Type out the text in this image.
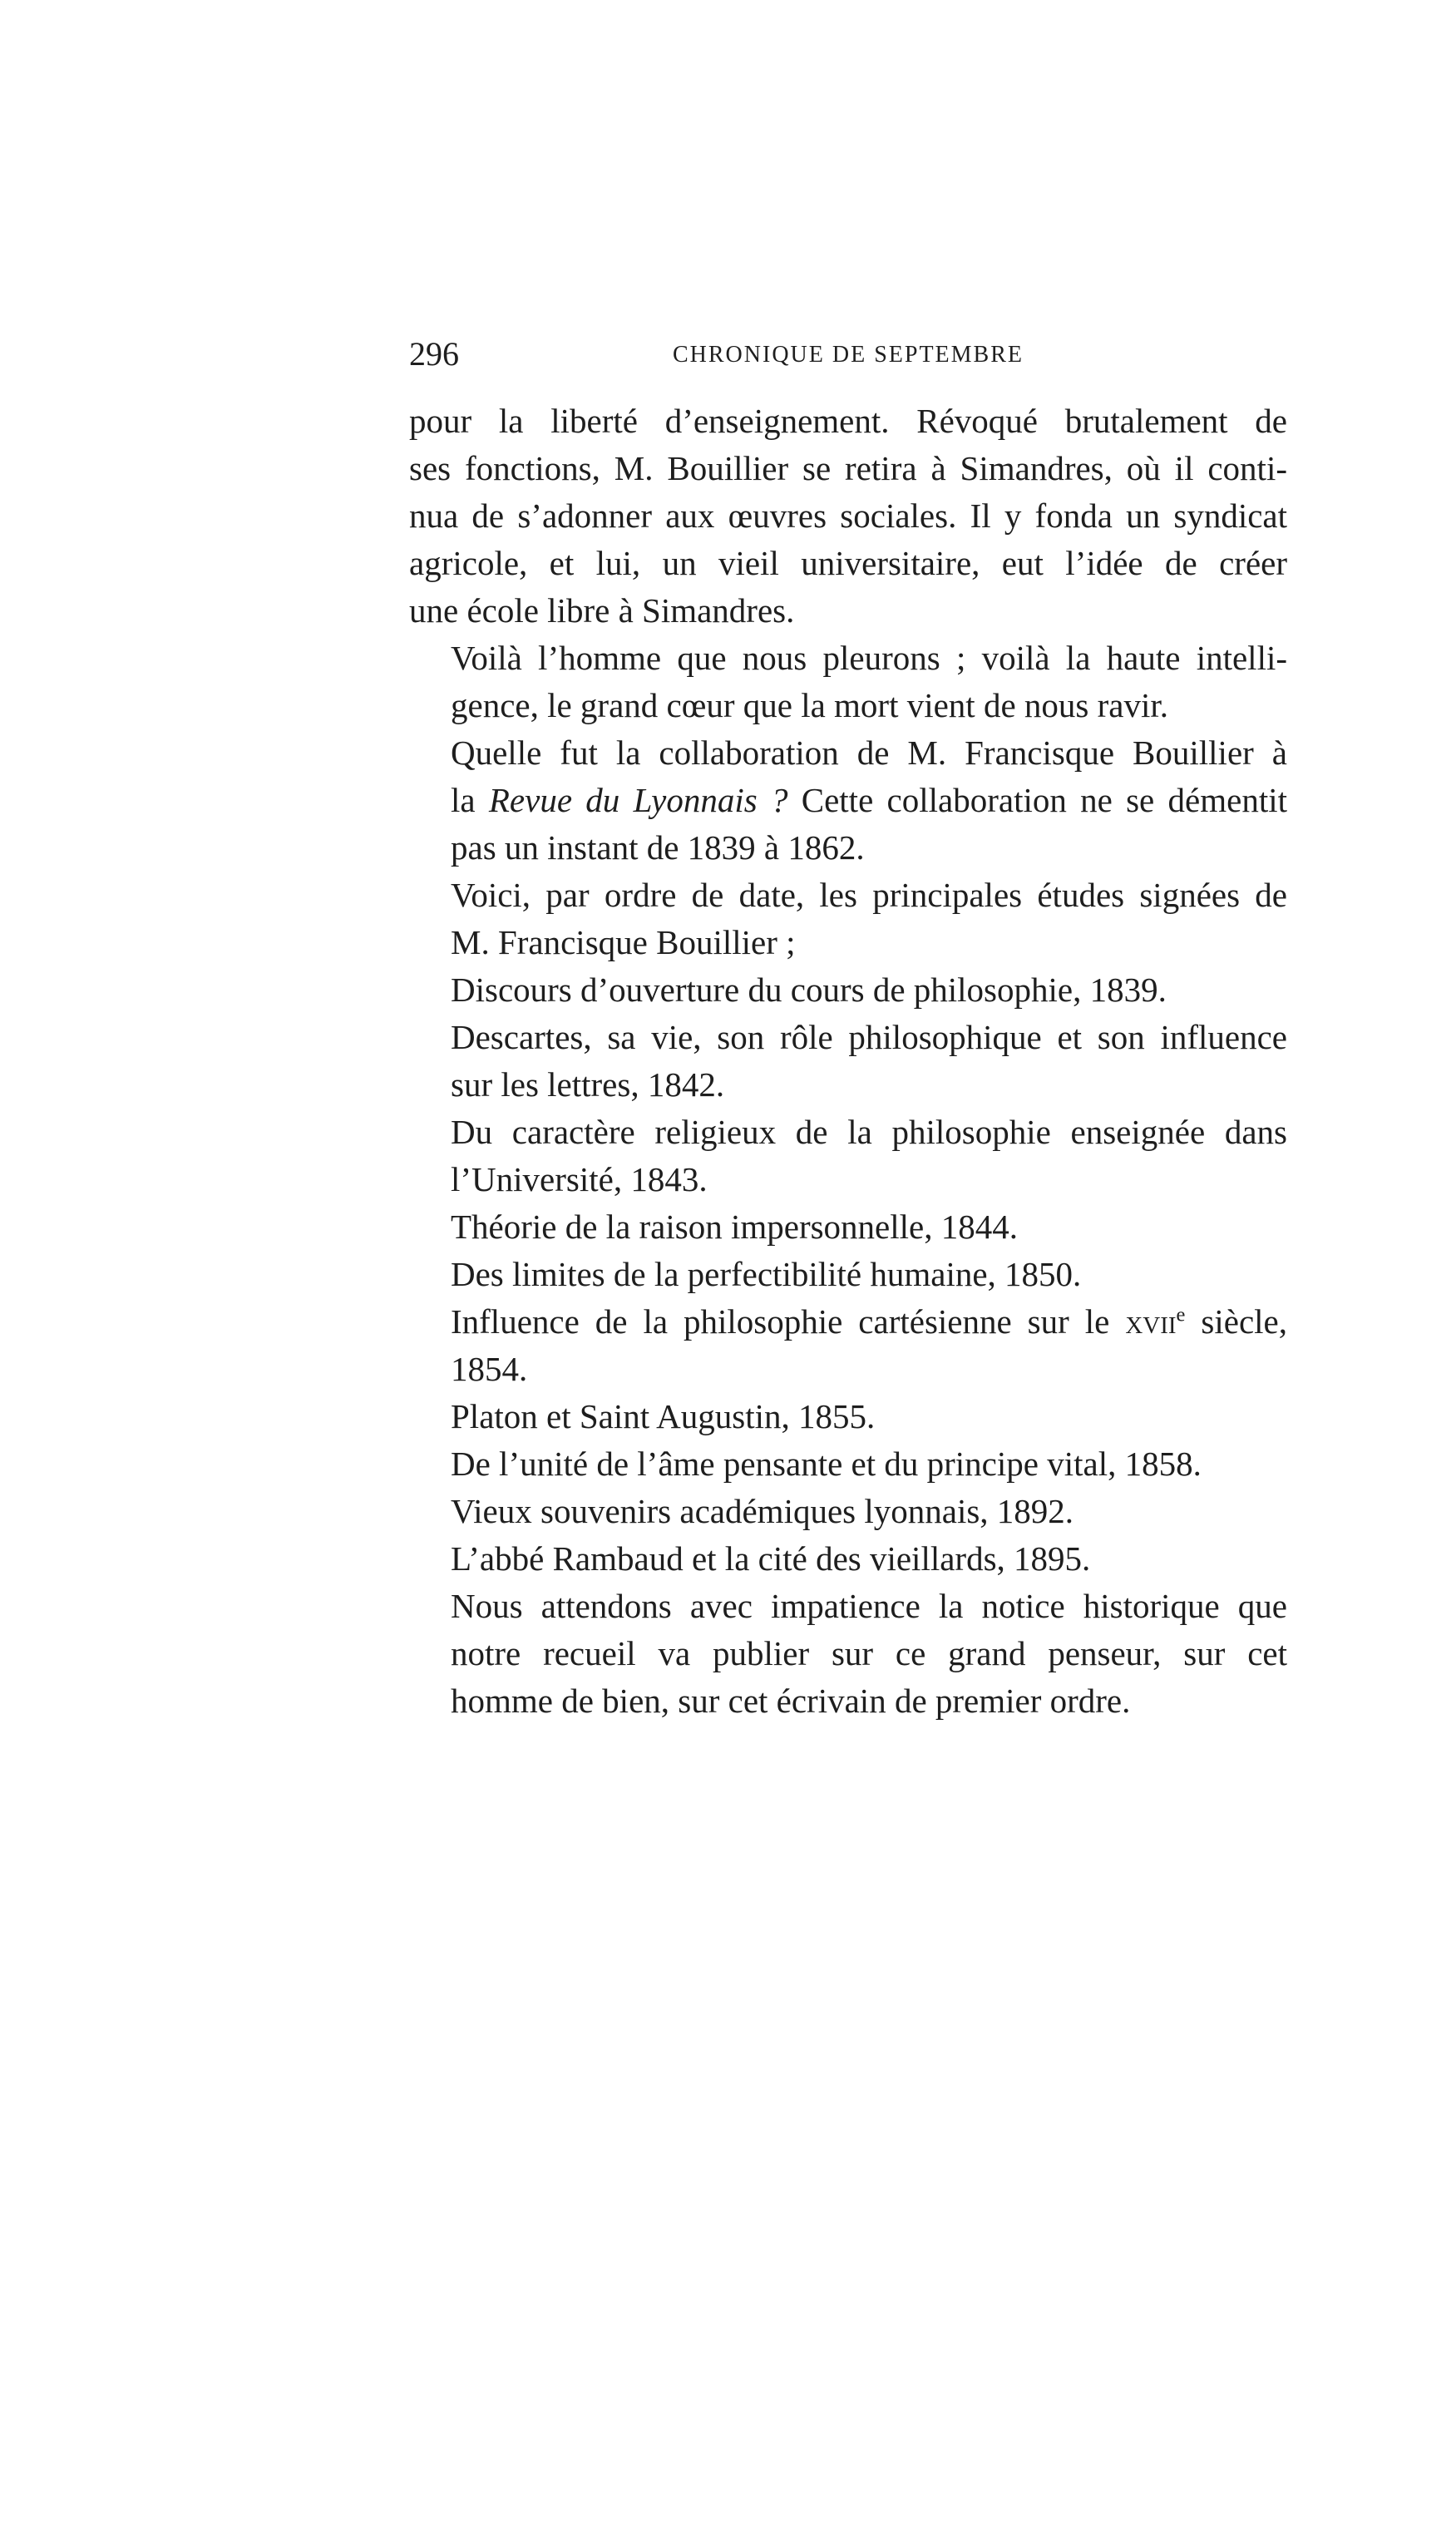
296	CHRONIQUE DE SEPTEMBRE

pour la liberté d’enseignement. Révoqué brutalement de
ses fonctions, M. Bouillier se retira à Simandres, où il conti-
nua de s’adonner aux œuvres sociales. Il y fonda un syndicat
agricole, et lui, un vieil universitaire, eut l’idée de créer
une école libre à Simandres.

Voilà l’homme que nous pleurons ; voilà la haute intelli-
gence, le grand cœur que la mort vient de nous ravir.

Quelle fut la collaboration de M. Francisque Bouillier à
la Revue du Lyonnais ? Cette collaboration ne se démentit
pas un instant de 1839 à 1862.

Voici, par ordre de date, les principales études signées de
M. Francisque Bouillier ;

Discours d’ouverture du cours de philosophie, 1839.

Descartes, sa vie, son rôle philosophique et son influence
sur les lettres, 1842.

Du caractère religieux de la philosophie enseignée dans
l’Université, 1843.

Théorie de la raison impersonnelle, 1844.

Des limites de la perfectibilité humaine, 1850.

Influence de la philosophie cartésienne sur le xvii$^e$ siècle,
1854.

Platon et Saint Augustin, 1855.

De l’unité de l’âme pensante et du principe vital, 1858.

Vieux souvenirs académiques lyonnais, 1892.

L’abbé Rambaud et la cité des vieillards, 1895.

Nous attendons avec impatience la notice historique que
notre recueil va publier sur ce grand penseur, sur cet
homme de bien, sur cet écrivain de premier ordre.
